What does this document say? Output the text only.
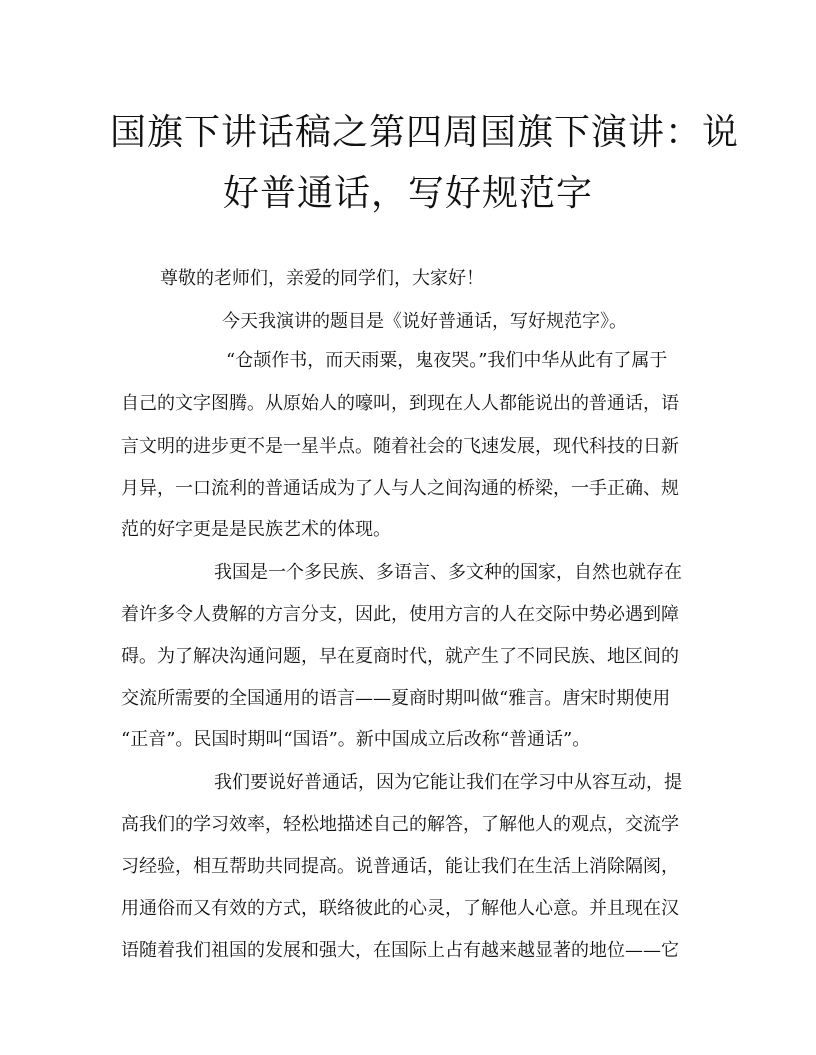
国旗下讲话稿之第四周国旗下演讲：说
好普通话，写好规范字
尊敬的老师们，亲爱的同学们，大家好！
今天我演讲的题目是《说好普通话，写好规范字》。
“仓颉作书，而天雨粟，鬼夜哭。”我们中华从此有了属于
自己的文字图腾。从原始人的嚎叫，到现在人人都能说出的普通话，语
言文明的进步更不是一星半点。随着社会的飞速发展，现代科技的日新
月异，一口流利的普通话成为了人与人之间沟通的桥梁，一手正确、规
范的好字更是是民族艺术的体现。
我国是一个多民族、多语言、多文种的国家，自然也就存在
着许多令人费解的方言分支，因此，使用方言的人在交际中势必遇到障
碍。为了解决沟通问题，早在夏商时代，就产生了不同民族、地区间的
交流所需要的全国通用的语言——夏商时期叫做“雅言。唐宋时期使用
“正音”。民国时期叫“国语”。新中国成立后改称“普通话”。
我们要说好普通话，因为它能让我们在学习中从容互动，提
高我们的学习效率，轻松地描述自己的解答，了解他人的观点，交流学
习经验，相互帮助共同提高。说普通话，能让我们在生活上消除隔阂，
用通俗而又有效的方式，联络彼此的心灵，了解他人心意。并且现在汉
语随着我们祖国的发展和强大，在国际上占有越来越显著的地位——它
